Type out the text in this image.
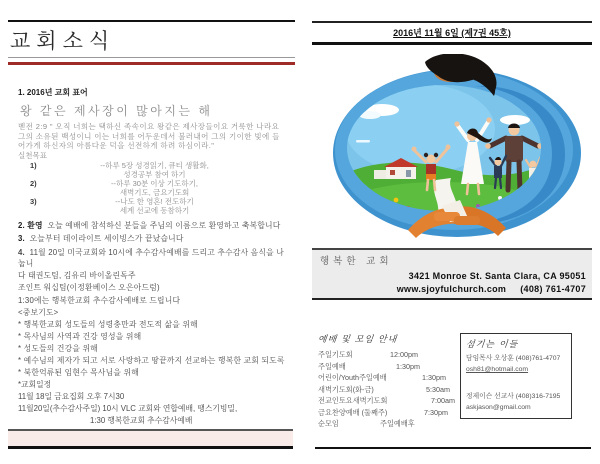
교회소식
1. 2016년 교회 표어
왕 같은 제사장이 많아지는 해
벧전 2:9 " 오직 너희는 택하신 족속이요 왕같은 제사장들이요 거룩한 나라요
그의 소유된 백성이니 이는 너희를 어두운데서 불러내어 그의 기이한 빛에 들
어가게 하신자의 아름다운 덕을 선전하게 하려 하심이라."
실천목표
1)	--하루 5장 성경읽기, 큐티 생활화,
성경공부 참여 하기
2)	--하루 30분 이상 기도하기,
새벽기도, 금요기도회
3)	--나도 한 영혼! 전도하기
세계 선교에 동참하기
2. 환영 오늘 예배에 참석하신 분들을 주님의 이름으로 환영하고 축복합니다
3. 오늘부터 데이라이트 세이빙스가 끝났습니다
4. 11월 20일 미국교회와 10시에 추수감사예배를 드리고 추수감사 음식을 나눕니
다 태권도팀, 김유리 바이올린독주
조인트 워십팀(이정환베이스 오은아드럼)
1:30에는 행복한교회 추수감사예배로 드립니다
<중보기도>
* 행복한교회 성도들의 성령충만과 전도적 삶을 위해
* 목사님의 사역과 건강 영성을 위해
* 성도들의 건강을 위해
* 예수님의 제자가 되고 서로 사랑하고 땅끝까지 선교하는 행복한 교회 되도록
* 북한억류된 임현수 목사님을 위해
*교회일정
11월 18일 금요집회 오후 7시30
11월20일(추수감사주일) 10시 VLC 교회와 연합예배, 땡스기빙밀,
1:30 행복한교회 추수감사예배
2016년 11월 6일 (제7권 45호)
행복한 교회
3421 Monroe St. Santa Clara, CA 95051
www.sjoyfulchurch.com (408) 761-4707
예배 및 모임 안내
주일기도회	12:00pm
주일예배	1:30pm
어린이/Youth주일예배	1:30pm
새벽기도회(화-금)	5:30am
전교인토요새벽기도회	7:00am
금요찬양예배 (둘째주)	7:30pm
순모임	주일예배후
섬기는 이들
담임목사 오상훈 (408)761-4707
osh81@hotmail.com
정제이슨 선교사 (408)316-7195
askjason@gmail.com
